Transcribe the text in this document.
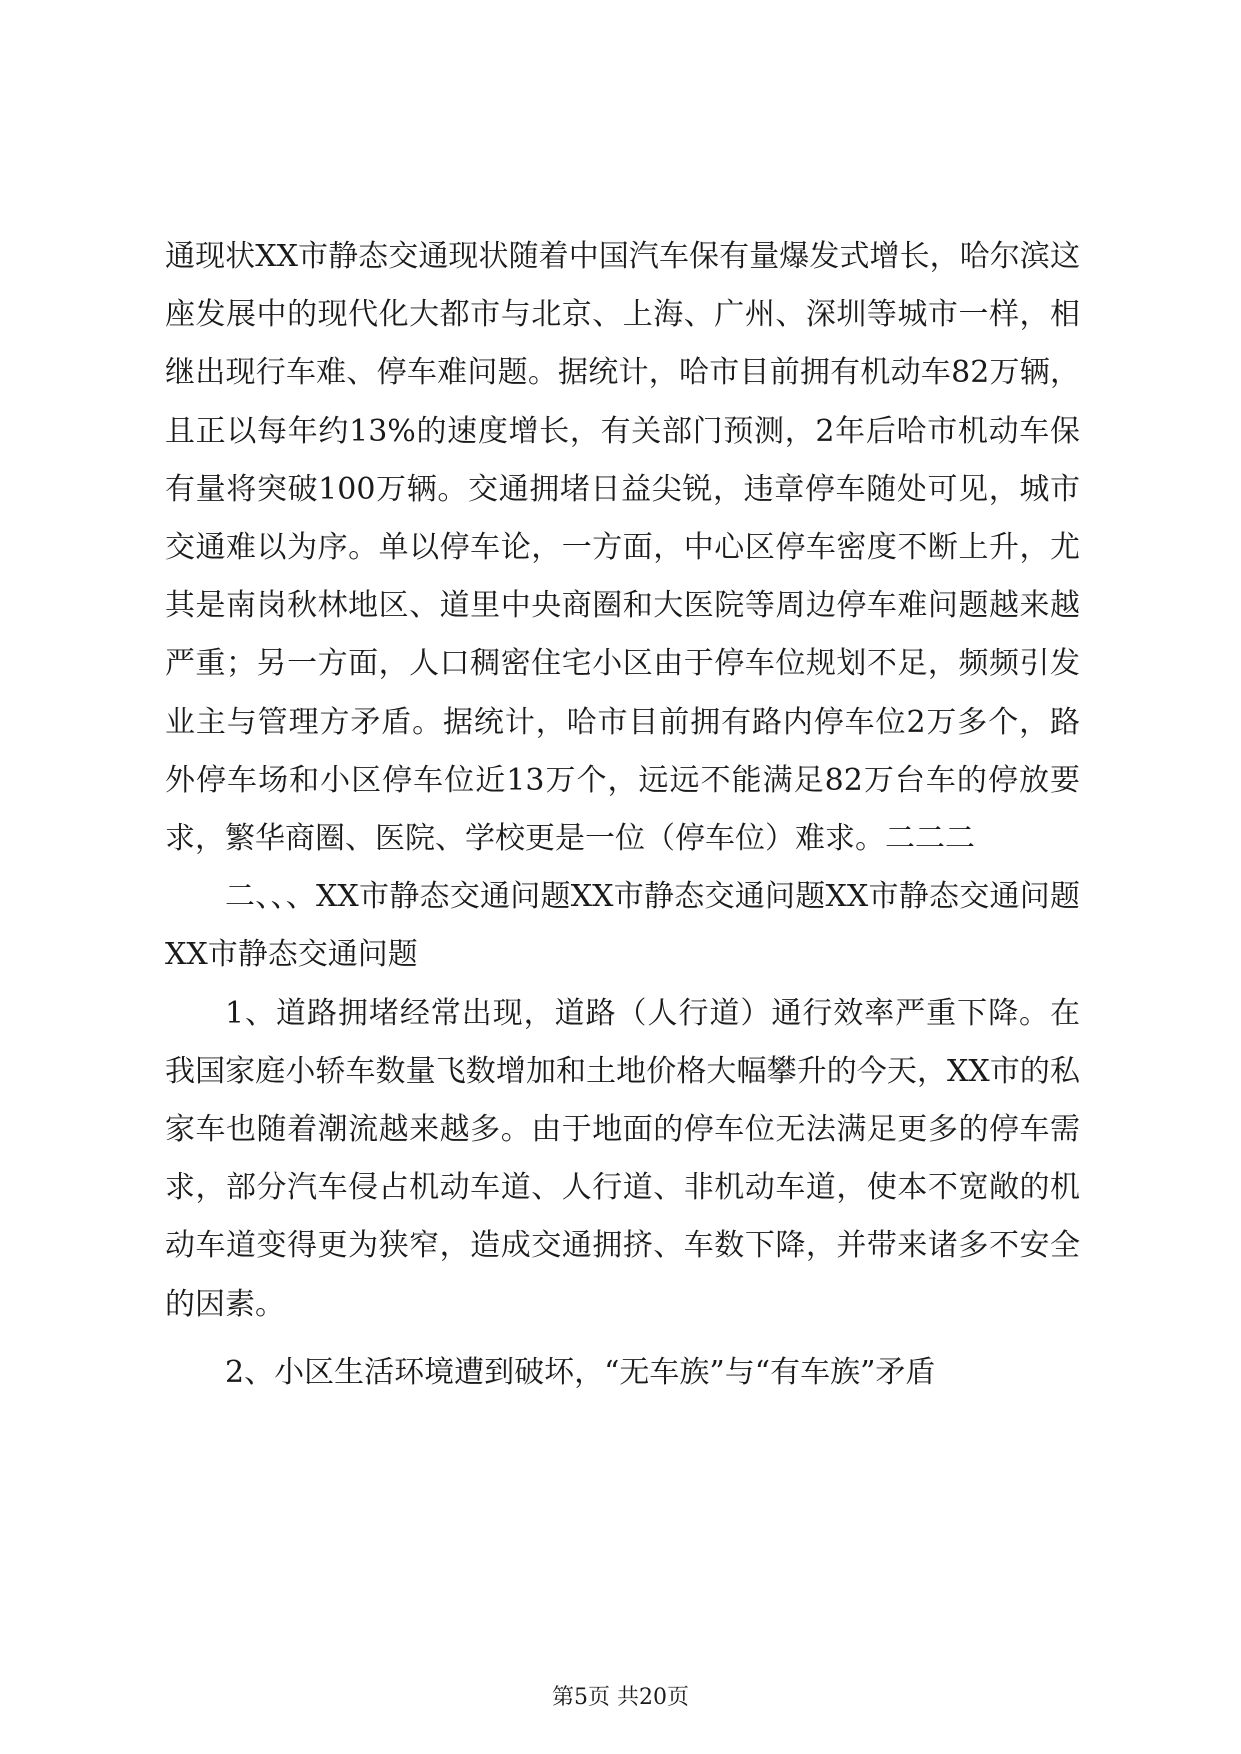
通现状XX市静态交通现状随着中国汽车保有量爆发式增长，哈尔滨这座发展中的现代化大都市与北京、上海、广州、深圳等城市一样，相继出现行车难、停车难问题。据统计，哈市目前拥有机动车82万辆，且正以每年约13%的速度增长，有关部门预测，2年后哈市机动车保有量将突破100万辆。交通拥堵日益尖锐，违章停车随处可见，城市交通难以为序。单以停车论，一方面，中心区停车密度不断上升，尤其是南岗秋林地区、道里中央商圈和大医院等周边停车难问题越来越严重；另一方面，人口稠密住宅小区由于停车位规划不足，频频引发业主与管理方矛盾。据统计，哈市目前拥有路内停车位2万多个，路外停车场和小区停车位近13万个，远远不能满足82万台车的停放要求，繁华商圈、医院、学校更是一位（停车位）难求。二二二

二、、、XX市静态交通问题XX市静态交通问题XX市静态交通问题XX市静态交通问题

1、道路拥堵经常出现，道路（人行道）通行效率严重下降。在我国家庭小轿车数量飞数增加和土地价格大幅攀升的今天，XX市的私家车也随着潮流越来越多。由于地面的停车位无法满足更多的停车需求，部分汽车侵占机动车道、人行道、非机动车道，使本不宽敞的机动车道变得更为狭窄，造成交通拥挤、车数下降，并带来诸多不安全的因素。

2、小区生活环境遭到破坏，“无车族”与“有车族”矛盾

第5页 共20页
